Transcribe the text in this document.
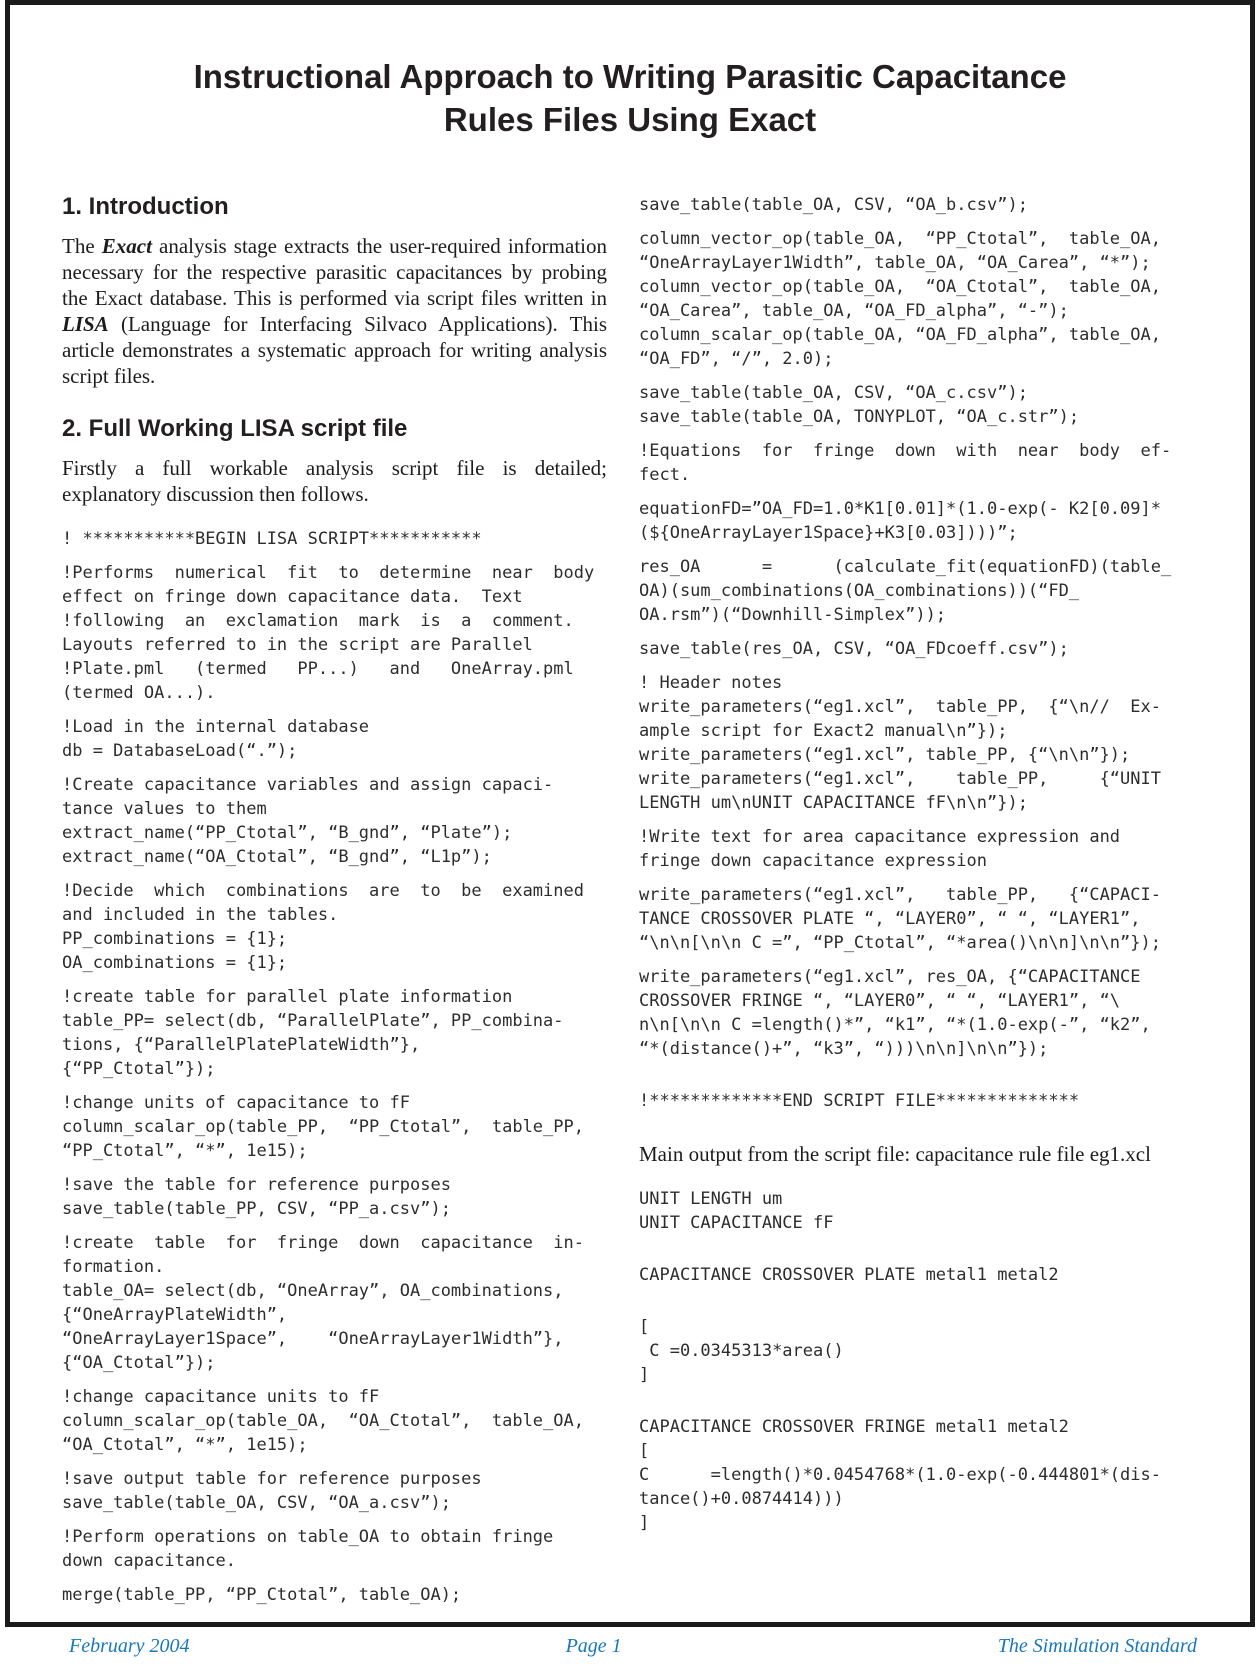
Instructional Approach to Writing Parasitic Capacitance
Rules Files Using Exact
1. Introduction

The Exact analysis stage extracts the user-required information necessary for the respective parasitic capacitances by probing the Exact database. This is performed via script files written in LISA (Language for Interfacing Silvaco Applications). This article demonstrates a systematic approach for writing analysis script files.

2. Full Working LISA script file

Firstly a full workable analysis script file is detailed; explanatory discussion then follows.

! ***********BEGIN LISA SCRIPT***********
!Performs  numerical  fit  to  determine  near  body
effect on fringe down capacitance data.  Text
!following  an  exclamation  mark  is  a  comment.
Layouts referred to in the script are Parallel
!Plate.pml   (termed   PP...)   and   OneArray.pml
(termed OA...).
!Load in the internal database
db = DatabaseLoad(“.”);
!Create capacitance variables and assign capaci-
tance values to them
extract_name(“PP_Ctotal”, “B_gnd”, “Plate”);
extract_name(“OA_Ctotal”, “B_gnd”, “L1p”);
!Decide  which  combinations  are  to  be  examined
and included in the tables.
PP_combinations = {1};
OA_combinations = {1};
!create table for parallel plate information
table_PP= select(db, “ParallelPlate”, PP_combina-
tions, {“ParallelPlatePlateWidth”},
{“PP_Ctotal”});
!change units of capacitance to fF
column_scalar_op(table_PP,  “PP_Ctotal”,  table_PP,
“PP_Ctotal”, “*”, 1e15);
!save the table for reference purposes
save_table(table_PP, CSV, “PP_a.csv”);
!create  table  for  fringe  down  capacitance  in-
formation.
table_OA= select(db, “OneArray”, OA_combinations,
{“OneArrayPlateWidth”,
“OneArrayLayer1Space”,    “OneArrayLayer1Width”},
{“OA_Ctotal”});
!change capacitance units to fF
column_scalar_op(table_OA,  “OA_Ctotal”,  table_OA,
“OA_Ctotal”, “*”, 1e15);
!save output table for reference purposes
save_table(table_OA, CSV, “OA_a.csv”);
!Perform operations on table_OA to obtain fringe
down capacitance.
merge(table_PP, “PP_Ctotal”, table_OA);
save_table(table_OA, CSV, “OA_b.csv”);
column_vector_op(table_OA,  “PP_Ctotal”,  table_OA,
“OneArrayLayer1Width”, table_OA, “OA_Carea”, “*”);
column_vector_op(table_OA,  “OA_Ctotal”,  table_OA,
“OA_Carea”, table_OA, “OA_FD_alpha”, “-”);
column_scalar_op(table_OA, “OA_FD_alpha”, table_OA,
“OA_FD”, “/”, 2.0);
save_table(table_OA, CSV, “OA_c.csv”);
save_table(table_OA, TONYPLOT, “OA_c.str”);
!Equations  for  fringe  down  with  near  body  ef-
fect.
equationFD=”OA_FD=1.0*K1[0.01]*(1.0-exp(- K2[0.09]*
(${OneArrayLayer1Space}+K3[0.03])))”;
res_OA      =      (calculate_fit(equationFD)(table_
OA)(sum_combinations(OA_combinations))(“FD_
OA.rsm”)(“Downhill-Simplex”));
save_table(res_OA, CSV, “OA_FDcoeff.csv”);
! Header notes
write_parameters(“eg1.xcl”,  table_PP,  {“\n//  Ex-
ample script for Exact2 manual\n”});
write_parameters(“eg1.xcl”, table_PP, {“\n\n”});
write_parameters(“eg1.xcl”,    table_PP,     {“UNIT
LENGTH um\nUNIT CAPACITANCE fF\n\n”});
!Write text for area capacitance expression and
fringe down capacitance expression
write_parameters(“eg1.xcl”,   table_PP,   {“CAPACI-
TANCE CROSSOVER PLATE “, “LAYER0”, “ “, “LAYER1”,
“\n\n[\n\n C =”, “PP_Ctotal”, “*area()\n\n]\n\n”});
write_parameters(“eg1.xcl”, res_OA, {“CAPACITANCE
CROSSOVER FRINGE “, “LAYER0”, “ “, “LAYER1”, “\
n\n[\n\n C =length()*”, “k1”, “*(1.0-exp(-”, “k2”,
“*(distance()+”, “k3”, “)))\n\n]\n\n”});
!*************END SCRIPT FILE**************

Main output from the script file: capacitance rule file eg1.xcl

UNIT LENGTH um
UNIT CAPACITANCE fF
CAPACITANCE CROSSOVER PLATE metal1 metal2
[
C =0.0345313*area()
]
CAPACITANCE CROSSOVER FRINGE metal1 metal2
[
C      =length()*0.0454768*(1.0-exp(-0.444801*(dis-
tance()+0.0874414)))
]
February 2004	Page 1	The Simulation Standard
